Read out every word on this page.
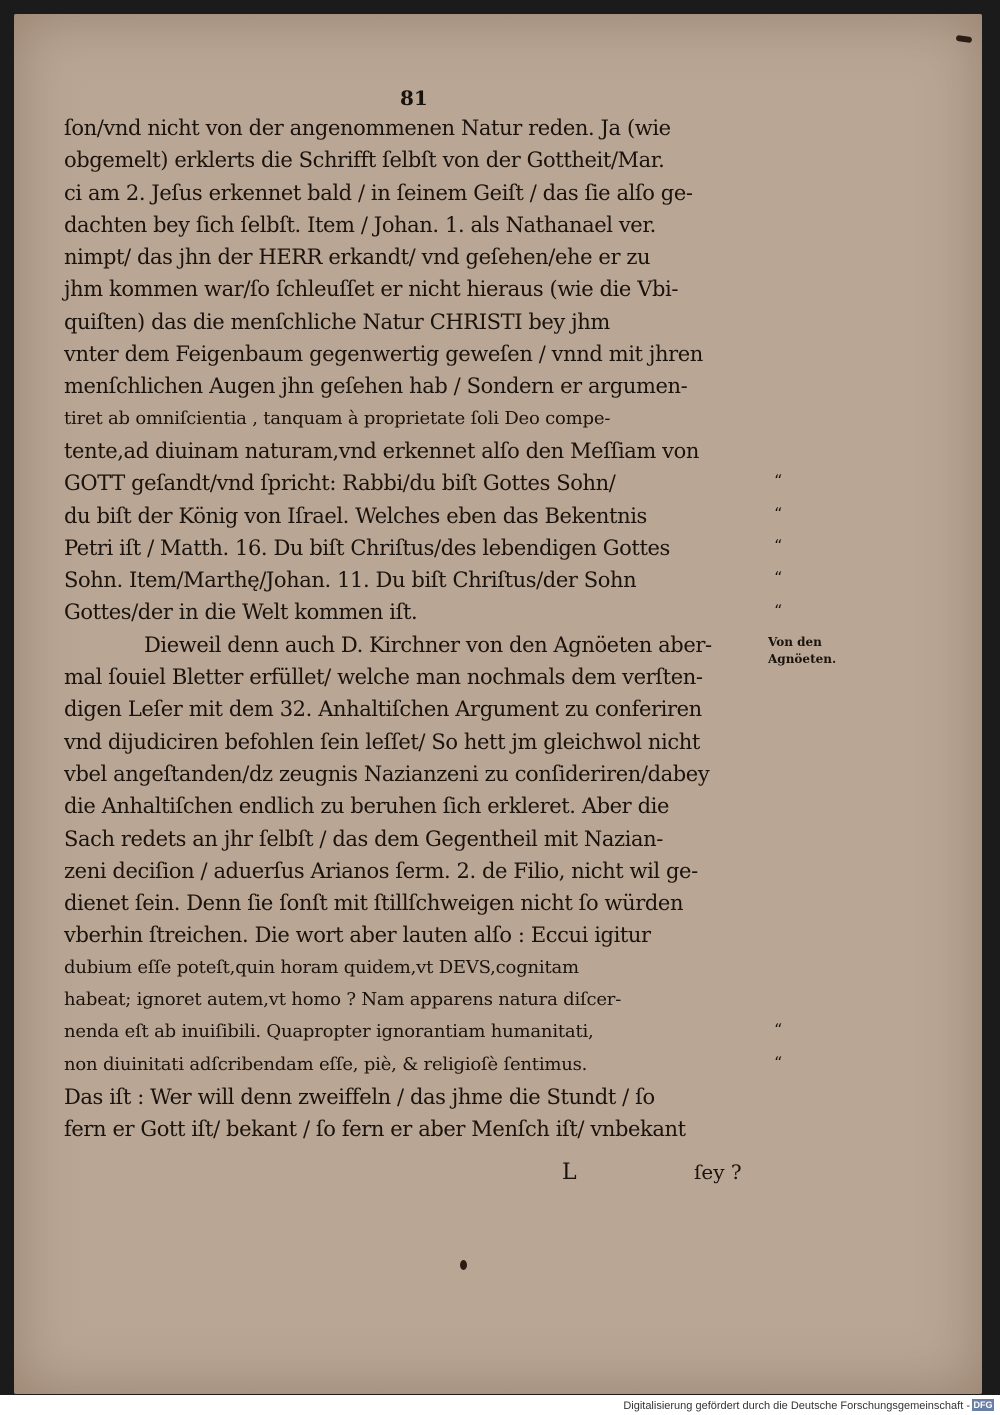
81
ſon/vnd nicht von der angenommenen Natur reden. Ja (wie
obgemelt) erklerts die Schrifft ſelbſt von der Gottheit/Mar.
ci am 2. Jeſus erkennet bald / in ſeinem Geiſt / das ſie alſo ge-
dachten bey ſich ſelbſt. Item / Johan. 1. als Nathanael ver.
nimpt/ das jhn der HERR erkandt/ vnd geſehen/ehe er zu
jhm kommen war/ſo ſchleuſſet er nicht hieraus (wie die Vbi-
quiſten) das die menſchliche Natur CHRISTI bey jhm
vnter dem Feigenbaum gegenwertig geweſen / vnnd mit jhren
menſchlichen Augen jhn geſehen hab / Sondern er argumen-
tiret ab omniſcientia , tanquam à proprietate ſoli Deo compe-
tente,ad diuinam naturam,vnd erkennet alſo den Meſſiam von
GOTT geſandt/vnd ſpricht: Rabbi/du biſt Gottes Sohn/
du biſt der König von Iſrael. Welches eben das Bekentnis
Petri iſt / Matth. 16. Du biſt Chriſtus/des lebendigen Gottes
Sohn. Item/Marthę/Johan. 11. Du biſt Chriſtus/der Sohn
Gottes/der in die Welt kommen iſt.
Dieweil denn auch D. Kirchner von den Agnöeten aber-
mal ſouiel Bletter erfüllet/ welche man nochmals dem verſten-
digen Leſer mit dem 32. Anhaltiſchen Argument zu conferiren
vnd dijudiciren befohlen ſein leſſet/ So hett jm gleichwol nicht
vbel angeſtanden/dz zeugnis Nazianzeni zu conſideriren/dabey
die Anhaltiſchen endlich zu beruhen ſich erkleret. Aber die
Sach redets an jhr ſelbſt / das dem Gegentheil mit Nazian-
zeni deciſion / aduerſus Arianos ſerm. 2. de Filio, nicht wil ge-
dienet ſein. Denn ſie ſonſt mit ſtillſchweigen nicht ſo würden
vberhin ſtreichen. Die wort aber lauten alſo : Eccui igitur
dubium eſſe poteſt,quin horam quidem,vt DEVS,cognitam
habeat; ignoret autem,vt homo ? Nam apparens natura diſcer-
nenda eſt ab inuiſibili. Quapropter ignorantiam humanitati,
non diuinitati adſcribendam eſſe, piè, & religioſè ſentimus.
Das iſt : Wer will denn zweiffeln / das jhme die Stundt / ſo
fern er Gott iſt/ bekant / ſo fern er aber Menſch iſt/ vnbekant
“
“
“
“
“
“
“
Von den
Agnöeten.
L	ſey ?
Digitalisierung gefördert durch die Deutsche Forschungsgemeinschaft - DFG
